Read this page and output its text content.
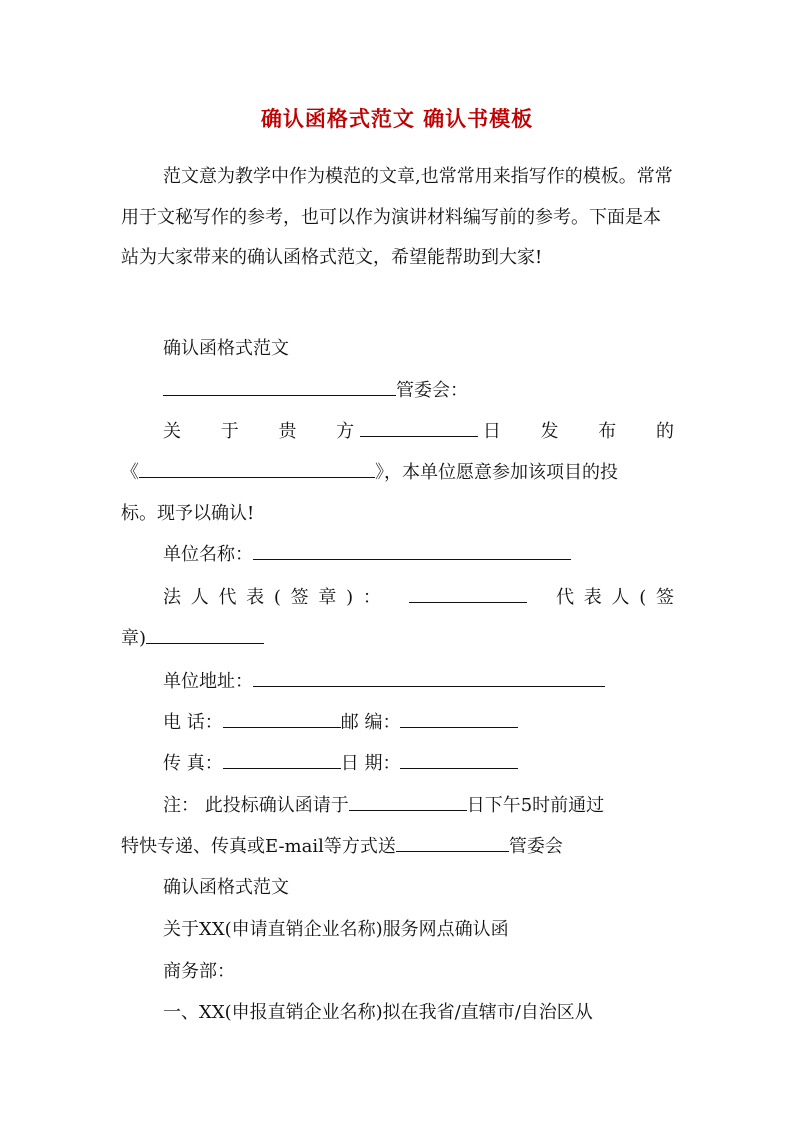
确认函格式范文 确认书模板
范文意为教学中作为模范的文章,也常常用来指写作的模板。常常用于文秘写作的参考，也可以作为演讲材料编写前的参考。下面是本站为大家带来的确认函格式范文，希望能帮助到大家!
确认函格式范文
管委会：
关 于 贵 方	日 发 布 的
《	》，本单位愿意参加该项目的投
标。现予以确认!
单位名称：
法 人 代 表 ( 签 章 ) ：	代 表 人 ( 签
章)
单位地址：
电 话：	邮 编：
传 真：	日 期：
注： 此投标确认函请于	日下午5时前通过
特快专递、传真或E-mail等方式送	管委会
确认函格式范文
关于XX(申请直销企业名称)服务网点确认函
商务部：
一、XX(申报直销企业名称)拟在我省/直辖市/自治区从
